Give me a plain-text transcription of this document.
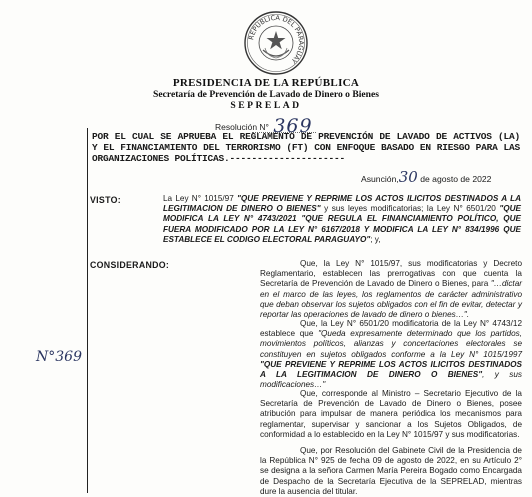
REPÚBLICA DEL PARAGUAY
PRESIDENCIA DE LA REPÚBLICA
Secretaría de Prevención de Lavado de Dinero o Bienes
SEPRELAD
Resolución N° 369
POR EL CUAL SE APRUEBA EL REGLAMENTO DE PREVENCIÓN DE LAVADO DE ACTIVOS (LA) Y EL FINANCIAMIENTO DEL TERRORISMO (FT) CON ENFOQUE BASADO EN RIESGO PARA LAS ORGANIZACIONES POLÍTICAS.---------------------
Asunción,30 de agosto de 2022
VISTO:	La Ley N° 1015/97 "QUE PREVIENE Y REPRIME LOS ACTOS ILICITOS DESTINADOS A LA LEGITIMACION DE DINERO O BIENES" y sus leyes modificatorias; la Ley N° 6501/20 "QUE MODIFICA LA LEY N° 4743/2021 "QUE REGULA EL FINANCIAMIENTO POLÍTICO, QUE FUERA MODIFICADO POR LA LEY N° 6167/2018 Y MODIFICA LA LEY N° 834/1996 QUE ESTABLECE EL CODIGO ELECTORAL PARAGUAYO"; y,
CONSIDERANDO:	Que, la Ley N° 1015/97, sus modificatorias y Decreto Reglamentario, establecen las prerrogativas con que cuenta la Secretaría de Prevención de Lavado de Dinero o Bienes, para "…dictar en el marco de las leyes, los reglamentos de carácter administrativo que deban observar los sujetos obligados con el fin de evitar, detectar y reportar las operaciones de lavado de dinero o bienes…".
Que, la Ley N° 6501/20 modificatoria de la Ley N° 4743/12 establece que "Queda expresamente determinado que los partidos, movimientos políticos, alianzas y concertaciones electorales se constituyen en sujetos obligados conforme a la Ley N° 1015/1997 "QUE PREVIENE Y REPRIME LOS ACTOS ILICITOS DESTINADOS A LA LEGITIMACION DE DINERO O BIENES", y sus modificaciones…"
Que, corresponde al Ministro – Secretario Ejecutivo de la Secretaría de Prevención de Lavado de Dinero o Bienes, posee atribución para impulsar de manera periódica los mecanismos para reglamentar, supervisar y sancionar a los Sujetos Obligados, de conformidad a lo establecido en la Ley N° 1015/97 y sus modificatorias.
Que, por Resolución del Gabinete Civil de la Presidencia de la República N° 925 de fecha 09 de agosto de 2022, en su Artículo 2° se designa a la señora Carmen María Pereira Bogado como Encargada de Despacho de la Secretaría Ejecutiva de la SEPRELAD, mientras dure la ausencia del titular.
N°369
